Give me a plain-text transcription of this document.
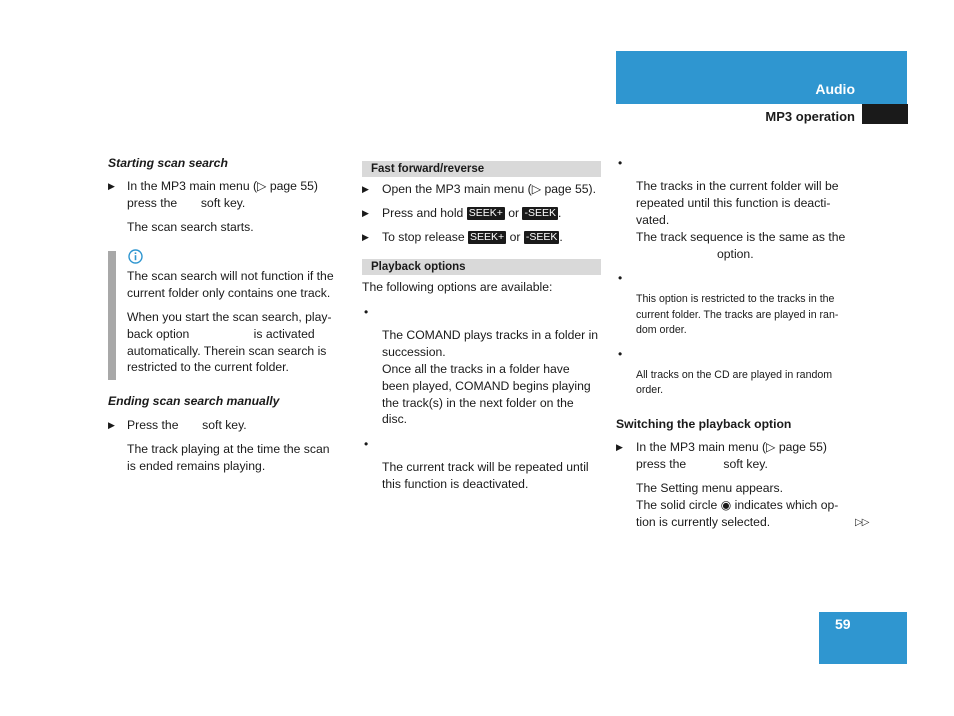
Audio
MP3 operation
Starting scan search
▶ In the MP3 main menu (▷ page 55)
press the       soft key.
The scan search starts.
The scan search will not function if the
current folder only contains one track.
When you start the scan search, play-
back option                   is activated
automatically. Therein scan search is
restricted to the current folder.
Ending scan search manually
▶ Press the       soft key.
The track playing at the time the scan
is ended remains playing.
Fast forward/reverse
▶ Open the MP3 main menu (▷ page 55).
▶ Press and hold SEEK+ or -SEEK .
▶ To stop release SEEK+ or -SEEK .
Playback options
The following options are available:
•
The COMAND plays tracks in a folder in
succession.
Once all the tracks in a folder have
been played, COMAND begins playing
the track(s) in the next folder on the
disc.
•
The current track will be repeated until
this function is deactivated.
•
The tracks in the current folder will be
repeated until this function is deacti-
vated.
The track sequence is the same as the
option.
•
This option is restricted to the tracks in the
current folder. The tracks are played in ran-
dom order.
•
All tracks on the CD are played in random
order.
Switching the playback option
▶ In the MP3 main menu (▷ page 55)
press the           soft key.
The Setting menu appears.
The solid circle ◉ indicates which op-
tion is currently selected.	▷▷
59
